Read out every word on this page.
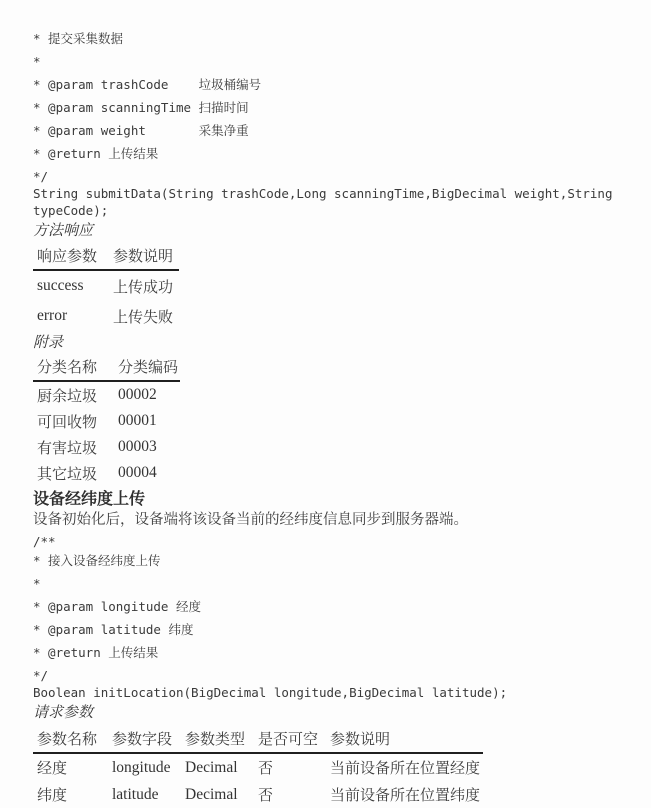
* 提交采集数据
*
* @param trashCode    垃圾桶编号
* @param scanningTime 扫描时间
* @param weight       采集净重
* @return 上传结果
*/
String submitData(String trashCode,Long scanningTime,BigDecimal weight,String typeCode);
方法响应
响应参数	参数说明
success	上传成功
error	上传失败
附录
分类名称	分类编码
厨余垃圾	00002
可回收物	00001
有害垃圾	00003
其它垃圾	00004
设备经纬度上传
设备初始化后，设备端将该设备当前的经纬度信息同步到服务器端。
/**
* 接入设备经纬度上传
*
* @param longitude 经度
* @param latitude 纬度
* @return 上传结果
*/
Boolean initLocation(BigDecimal longitude,BigDecimal latitude);
请求参数
参数名称	参数字段	参数类型	是否可空	参数说明
经度	longitude	Decimal	否	当前设备所在位置经度
纬度	latitude	Decimal	否	当前设备所在位置纬度
